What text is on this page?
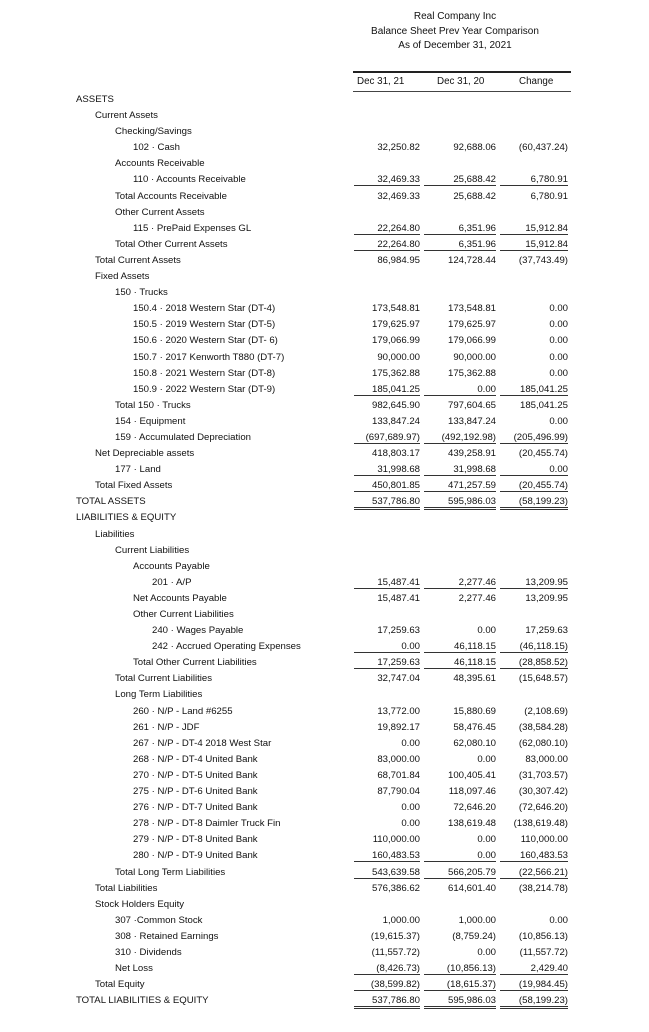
Real Company Inc
Balance Sheet Prev Year Comparison
As of December 31, 2021
Dec 31, 21	Dec 31, 20	Change
ASSETS
Current Assets
Checking/Savings
102 · Cash	32,250.82	92,688.06	(60,437.24)
Accounts Receivable
110 · Accounts Receivable	32,469.33	25,688.42	6,780.91
Total Accounts Receivable	32,469.33	25,688.42	6,780.91
Other Current Assets
115 · PrePaid Expenses GL	22,264.80	6,351.96	15,912.84
Total Other Current Assets	22,264.80	6,351.96	15,912.84
Total Current Assets	86,984.95	124,728.44	(37,743.49)
Fixed Assets
150 · Trucks
150.4 · 2018 Western Star (DT-4)	173,548.81	173,548.81	0.00
150.5 · 2019 Western Star (DT-5)	179,625.97	179,625.97	0.00
150.6 · 2020 Western Star (DT- 6)	179,066.99	179,066.99	0.00
150.7 · 2017 Kenworth T880 (DT-7)	90,000.00	90,000.00	0.00
150.8 · 2021 Western Star (DT-8)	175,362.88	175,362.88	0.00
150.9 · 2022 Western Star (DT-9)	185,041.25	0.00	185,041.25
Total 150 · Trucks	982,645.90	797,604.65	185,041.25
154 · Equipment	133,847.24	133,847.24	0.00
159 · Accumulated Depreciation	(697,689.97)	(492,192.98)	(205,496.99)
Net Depreciable assets	418,803.17	439,258.91	(20,455.74)
177 · Land	31,998.68	31,998.68	0.00
Total Fixed Assets	450,801.85	471,257.59	(20,455.74)
TOTAL ASSETS	537,786.80	595,986.03	(58,199.23)
LIABILITIES & EQUITY
Liabilities
Current Liabilities
Accounts Payable
201 · A/P	15,487.41	2,277.46	13,209.95
Net Accounts Payable	15,487.41	2,277.46	13,209.95
Other Current Liabilities
240 · Wages Payable	17,259.63	0.00	17,259.63
242 · Accrued Operating Expenses	0.00	46,118.15	(46,118.15)
Total Other Current Liabilities	17,259.63	46,118.15	(28,858.52)
Total Current Liabilities	32,747.04	48,395.61	(15,648.57)
Long Term Liabilities
260 · N/P - Land #6255	13,772.00	15,880.69	(2,108.69)
261 · N/P - JDF	19,892.17	58,476.45	(38,584.28)
267 · N/P - DT-4 2018 West Star	0.00	62,080.10	(62,080.10)
268 · N/P - DT-4 United Bank	83,000.00	0.00	83,000.00
270 · N/P - DT-5 United Bank	68,701.84	100,405.41	(31,703.57)
275 · N/P - DT-6 United Bank	87,790.04	118,097.46	(30,307.42)
276 · N/P - DT-7 United Bank	0.00	72,646.20	(72,646.20)
278 · N/P - DT-8 Daimler Truck Fin	0.00	138,619.48	(138,619.48)
279 · N/P - DT-8 United Bank	110,000.00	0.00	110,000.00
280 · N/P - DT-9 United Bank	160,483.53	0.00	160,483.53
Total Long Term Liabilities	543,639.58	566,205.79	(22,566.21)
Total Liabilities	576,386.62	614,601.40	(38,214.78)
Stock Holders Equity
307 ·Common Stock	1,000.00	1,000.00	0.00
308 · Retained Earnings	(19,615.37)	(8,759.24)	(10,856.13)
310 · Dividends	(11,557.72)	0.00	(11,557.72)
Net Loss	(8,426.73)	(10,856.13)	2,429.40
Total Equity	(38,599.82)	(18,615.37)	(19,984.45)
TOTAL LIABILITIES & EQUITY	537,786.80	595,986.03	(58,199.23)
